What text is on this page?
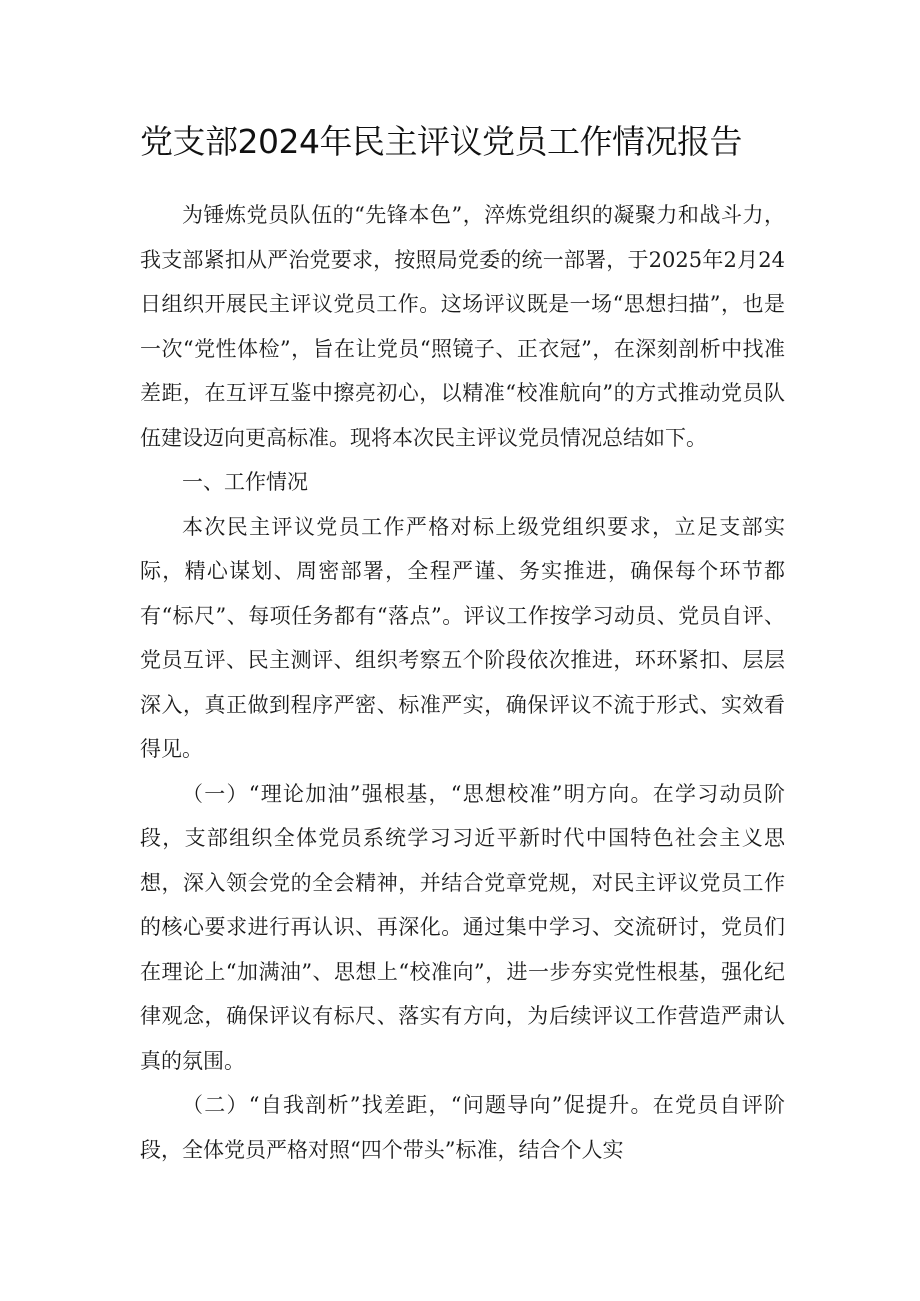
党支部2024年民主评议党员工作情况报告

为锤炼党员队伍的“先锋本色”，淬炼党组织的凝聚力和战斗力，我支部紧扣从严治党要求，按照局党委的统一部署，于2025年2月24日组织开展民主评议党员工作。这场评议既是一场“思想扫描”，也是一次“党性体检”，旨在让党员“照镜子、正衣冠”，在深刻剖析中找准差距，在互评互鉴中擦亮初心，以精准“校准航向”的方式推动党员队伍建设迈向更高标准。现将本次民主评议党员情况总结如下。

一、工作情况

本次民主评议党员工作严格对标上级党组织要求，立足支部实际，精心谋划、周密部署，全程严谨、务实推进，确保每个环节都有“标尺”、每项任务都有“落点”。评议工作按学习动员、党员自评、党员互评、民主测评、组织考察五个阶段依次推进，环环紧扣、层层深入，真正做到程序严密、标准严实，确保评议不流于形式、实效看得见。

（一）“理论加油”强根基，“思想校准”明方向。在学习动员阶段，支部组织全体党员系统学习习近平新时代中国特色社会主义思想，深入领会党的全会精神，并结合党章党规，对民主评议党员工作的核心要求进行再认识、再深化。通过集中学习、交流研讨，党员们在理论上“加满油”、思想上“校准向”，进一步夯实党性根基，强化纪律观念，确保评议有标尺、落实有方向，为后续评议工作营造严肃认真的氛围。

（二）“自我剖析”找差距，“问题导向”促提升。在党员自评阶段，全体党员严格对照“四个带头”标准，结合个人实
